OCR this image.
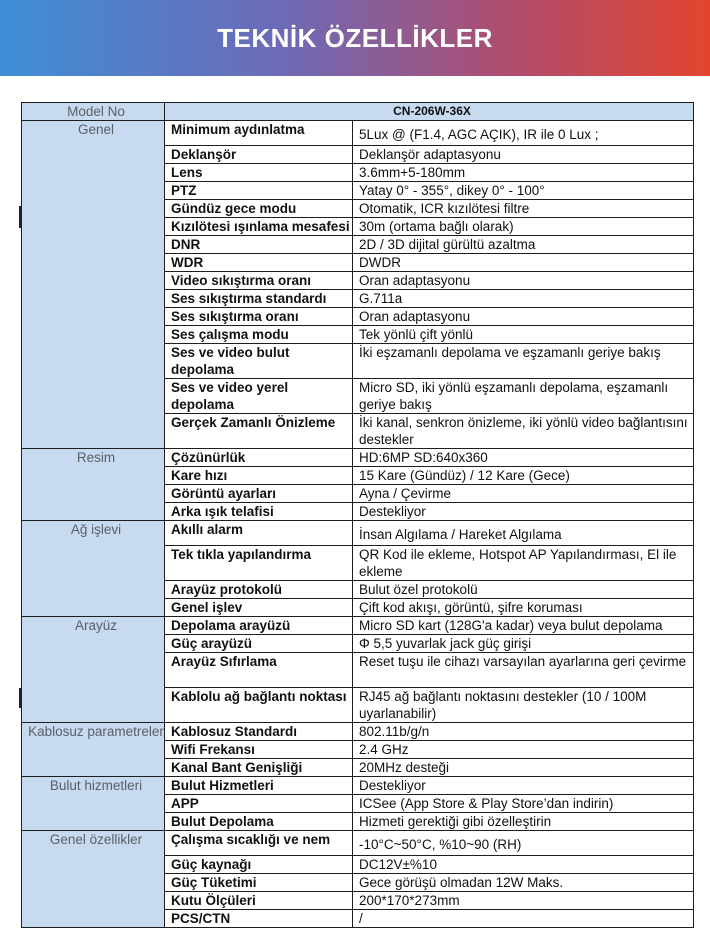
TEKNİK ÖZELLİKLER
Model No	CN-206W-36X	
Genel	Minimum aydınlatma	5Lux @ (F1.4, AGC AÇIK), IR ile 0 Lux ;
	Deklanşör	Deklanşör adaptasyonu
	Lens	3.6mm+5-180mm
	PTZ	Yatay 0° - 355°, dikey 0° - 100°
	Gündüz gece modu	Otomatik, ICR kızılötesi filtre
	Kızılötesi ışınlama mesafesi	30m (ortama bağlı olarak)
	DNR	2D / 3D dijital gürültü azaltma
	WDR	DWDR
	Video sıkıştırma oranı	Oran adaptasyonu
	Ses sıkıştırma standardı	G.711a
	Ses sıkıştırma oranı	Oran adaptasyonu
	Ses çalışma modu	Tek yönlü çift yönlü
	Ses ve video bulut depolama	İki eşzamanlı depolama ve eşzamanlı geriye bakış
	Ses ve video yerel depolama	Micro SD, iki yönlü eşzamanlı depolama, eşzamanlı geriye bakış
	Gerçek Zamanlı Önizleme	İki kanal, senkron önizleme, iki yönlü video bağlantısını destekler
Resim	Çözünürlük	HD:6MP SD:640x360
	Kare hızı	15 Kare (Gündüz) / 12 Kare (Gece)
	Görüntü ayarları	Ayna / Çevirme
	Arka ışık telafisi	Destekliyor
Ağ işlevi	Akıllı alarm	İnsan Algılama / Hareket Algılama
	Tek tıkla yapılandırma	QR Kod ile ekleme, Hotspot AP Yapılandırması, El ile ekleme
	Arayüz protokolü	Bulut özel protokolü
	Genel işlev	Çift kod akışı, görüntü, şifre koruması
Arayüz	Depolama arayüzü	Micro SD kart (128G'a kadar) veya bulut depolama
	Güç arayüzü	Φ 5,5 yuvarlak jack güç girişi
	Arayüz Sıfırlama	Reset tuşu ile cihazı varsayılan ayarlarına geri çevirme
	Kablolu ağ bağlantı noktası	RJ45 ağ bağlantı noktasını destekler (10 / 100M uyarlanabilir)
Kablosuz parametreler	Kablosuz Standardı	802.11b/g/n
	Wifi Frekansı	2.4 GHz
	Kanal Bant Genişliği	20MHz desteği
Bulut hizmetleri	Bulut Hizmetleri	Destekliyor
	APP	ICSee (App Store & Play Store’dan indirin)
	Bulut Depolama	Hizmeti gerektiği gibi özelleştirin
Genel özellikler	Çalışma sıcaklığı ve nem	-10°C~50°C, %10~90 (RH)
	Güç kaynağı	DC12V±%10
	Güç Tüketimi	Gece görüşü olmadan 12W Maks.
	Kutu Ölçüleri	200*170*273mm
	PCS/CTN	/
